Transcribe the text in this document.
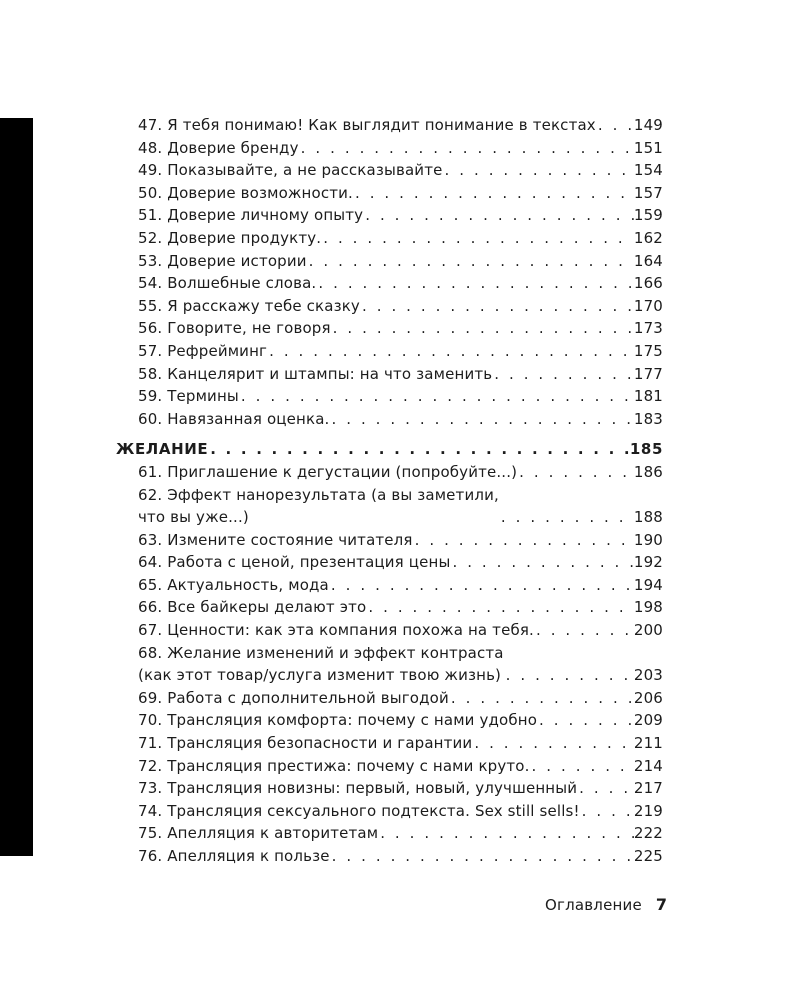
47. Я тебя понимаю! Как выглядит понимание в текстах . . .	149
48. Доверие бренду . . .	151
49. Показывайте, а не рассказывайте . . .	154
50. Доверие возможности. . . .	157
51. Доверие личному опыту . . .	159
52. Доверие продукту. . . .	162
53. Доверие истории . . .	164
54. Волшебные слова. . . .	166
55. Я расскажу тебе сказку . . .	170
56. Говорите, не говоря . . .	173
57. Рефрейминг . . .	175
58. Канцелярит и штампы: на что заменить . . .	177
59. Термины . . .	181
60. Навязанная оценка. . . .	183
ЖЕЛАНИЕ . . .	185
61. Приглашение к дегустации (попробуйте...) . . .	186
62. Эффект нанорезультата (а вы заметили,
что вы уже...) . . .	188
63. Измените состояние читателя . . .	190
64. Работа с ценой, презентация цены . . .	192
65. Актуальность, мода . . .	194
66. Все байкеры делают это . . .	198
67. Ценности: как эта компания похожа на тебя. . . .	200
68. Желание изменений и эффект контраста
(как этот товар/услуга изменит твою жизнь) . . .	203
69. Работа с дополнительной выгодой . . .	206
70. Трансляция комфорта: почему с нами удобно . . .	209
71. Трансляция безопасности и гарантии . . .	211
72. Трансляция престижа: почему с нами круто. . . .	214
73. Трансляция новизны: первый, новый, улучшенный . . .	217
74. Трансляция сексуального подтекста. Sex still sells! . . .	219
75. Апелляция к авторитетам . . .	222
76. Апелляция к пользе . . .	225
Оглавление 7
